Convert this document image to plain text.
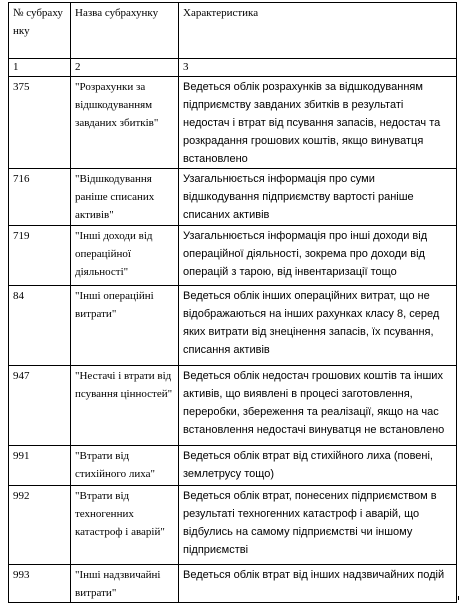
№ субрахунку	Назва субрахунку	Характеристика
1	2	3
375	"Розрахунки за відшкодуванням завданих збитків"	Ведеться облік розрахунків за відшкодуванням підприємству завданих збитків в результаті недостач і втрат від псування запасів, недостач та розкрадання грошових коштів, якщо винуватця встановлено
716	"Відшкодування раніше списаних активів"	Узагальнюється інформація про суми відшкодування підприємству вартості раніше списаних активів
719	"Інші доходи від операційної діяльності"	Узагальнюється інформація про інші доходи від операційної діяльності, зокрема про доходи від операцій з тарою, від інвентаризації тощо
84	"Інші операційні витрати"	Ведеться облік інших операційних витрат, що не відображаються на інших рахунках класу 8, серед яких витрати від знецінення запасів, їх псування, списання активів
947	"Нестачі і втрати від псування цінностей"	Ведеться облік недостач грошових коштів та інших активів, що виявлені в процесі заготовлення, переробки, збереження та реалізації, якщо на час встановлення недостачі винуватця не встановлено
991	"Втрати від стихійного лиха"	Ведеться облік втрат від стихійного лиха (повені, землетрусу тощо)
992	"Втрати від техногенних катастроф і аварій"	Ведеться облік втрат, понесених підприємством в результаті техногенних катастроф і аварій, що відбулись на самому підприємстві чи іншому підприємстві
993	"Інші надзвичайні витрати"	Ведеться облік втрат від інших надзвичайних подій
